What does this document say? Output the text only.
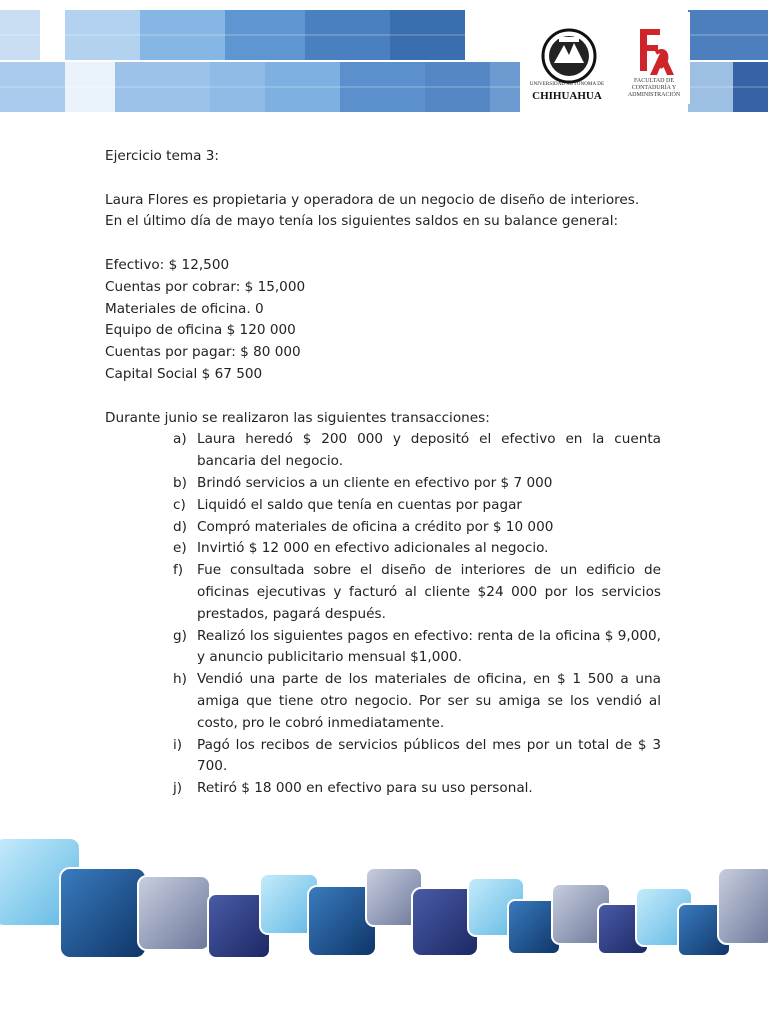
UNIVERSIDAD AUTÓNOMA DE
CHIHUAHUA
FACULTAD DE
CONTADURÍA Y
ADMINISTRACIÓN

Ejercicio tema 3:

Laura Flores es propietaria y operadora de un negocio de diseño de interiores.

En el último día de mayo tenía los siguientes saldos en su balance general:

Efectivo: $ 12,500

Cuentas por cobrar: $ 15,000

Materiales de oficina. 0

Equipo de oficina $ 120 000

Cuentas por pagar: $ 80 000

Capital Social $ 67 500

Durante junio se realizaron las siguientes transacciones:

a) Laura heredó $ 200 000 y depositó el efectivo en la cuenta bancaria del negocio.
b) Brindó servicios a un cliente en efectivo por $ 7 000
c) Liquidó el saldo que tenía en cuentas por pagar
d) Compró materiales de oficina a crédito por $ 10 000
e) Invirtió $ 12 000 en efectivo adicionales al negocio.
f) Fue consultada sobre el diseño de interiores de un edificio de oficinas ejecutivas y facturó al cliente $24 000 por los servicios prestados, pagará después.
g) Realizó los siguientes pagos en efectivo: renta de la oficina $ 9,000, y anuncio publicitario mensual $1,000.
h) Vendió una parte de los materiales de oficina, en $ 1 500 a una amiga que tiene otro negocio. Por ser su amiga se los vendió al costo, pro le cobró inmediatamente.
i) Pagó los recibos de servicios públicos del mes por un total de $ 3 700.
j) Retiró $ 18 000 en efectivo para su uso personal.
